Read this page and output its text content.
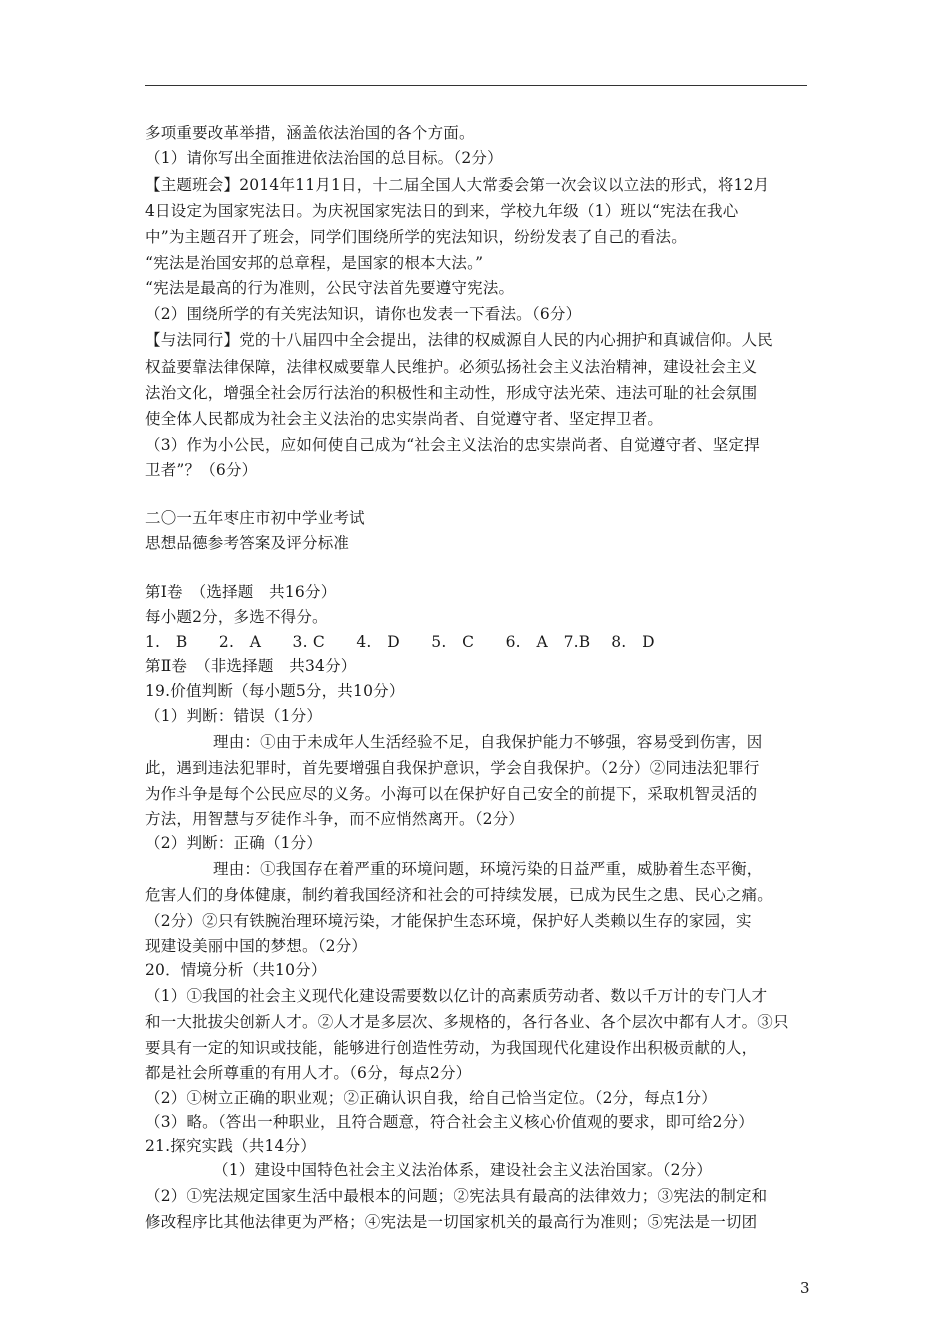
多项重要改革举措，涵盖依法治国的各个方面。
（1）请你写出全面推进依法治国的总目标。（2分）
【主题班会】2014年11月1日，十二届全国人大常委会第一次会议以立法的形式，将12月
4日设定为国家宪法日。为庆祝国家宪法日的到来，学校九年级（1）班以“宪法在我心
中”为主题召开了班会，同学们围绕所学的宪法知识，纷纷发表了自己的看法。
“宪法是治国安邦的总章程，是国家的根本大法。”
“宪法是最高的行为准则，公民守法首先要遵守宪法。
（2）围绕所学的有关宪法知识，请你也发表一下看法。（6分）
【与法同行】党的十八届四中全会提出，法律的权威源自人民的内心拥护和真诚信仰。人民
权益要靠法律保障，法律权威要靠人民维护。必须弘扬社会主义法治精神，建设社会主义
法治文化，增强全社会厉行法治的积极性和主动性，形成守法光荣、违法可耻的社会氛围
使全体人民都成为社会主义法治的忠实崇尚者、自觉遵守者、坚定捍卫者。
（3）作为小公民，应如何使自己成为“社会主义法治的忠实崇尚者、自觉遵守者、坚定捍
卫者”？（6分）
二〇一五年枣庄市初中学业考试
思想品德参考答案及评分标准
第Ⅰ卷　（选择题　共16分）
每小题2分，多选不得分。
1.　B　　2.　A　　3. C　　4.　D　　5.　C　　6.　A　7.B　 8.　D
第Ⅱ卷　（非选择题　共34分）
19.价值判断（每小题5分，共10分）
（1）判断：错误（1分）
理由：①由于未成年人生活经验不足，自我保护能力不够强，容易受到伤害，因
此，遇到违法犯罪时，首先要增强自我保护意识，学会自我保护。（2分）②同违法犯罪行
为作斗争是每个公民应尽的义务。小海可以在保护好自己安全的前提下，采取机智灵活的
方法，用智慧与歹徒作斗争，而不应悄然离开。（2分）
（2）判断：正确（1分）
理由：①我国存在着严重的环境问题，环境污染的日益严重，威胁着生态平衡，
危害人们的身体健康，制约着我国经济和社会的可持续发展，已成为民生之患、民心之痛。
（2分）②只有铁腕治理环境污染，才能保护生态环境，保护好人类赖以生存的家园，实
现建设美丽中国的梦想。（2分）
20．情境分析（共10分）
（1）①我国的社会主义现代化建设需要数以亿计的高素质劳动者、数以千万计的专门人才
和一大批拔尖创新人才。②人才是多层次、多规格的，各行各业、各个层次中都有人才。③只
要具有一定的知识或技能，能够进行创造性劳动，为我国现代化建设作出积极贡献的人，
都是社会所尊重的有用人才。（6分，每点2分）
（2）①树立正确的职业观；②正确认识自我，给自己恰当定位。（2分，每点1分）
（3）略。（答出一种职业，且符合题意，符合社会主义核心价值观的要求，即可给2分）
21.探究实践（共14分）
（1）建设中国特色社会主义法治体系，建设社会主义法治国家。（2分）
（2）①宪法规定国家生活中最根本的问题；②宪法具有最高的法律效力；③宪法的制定和
修改程序比其他法律更为严格；④宪法是一切国家机关的最高行为准则；⑤宪法是一切团
3
